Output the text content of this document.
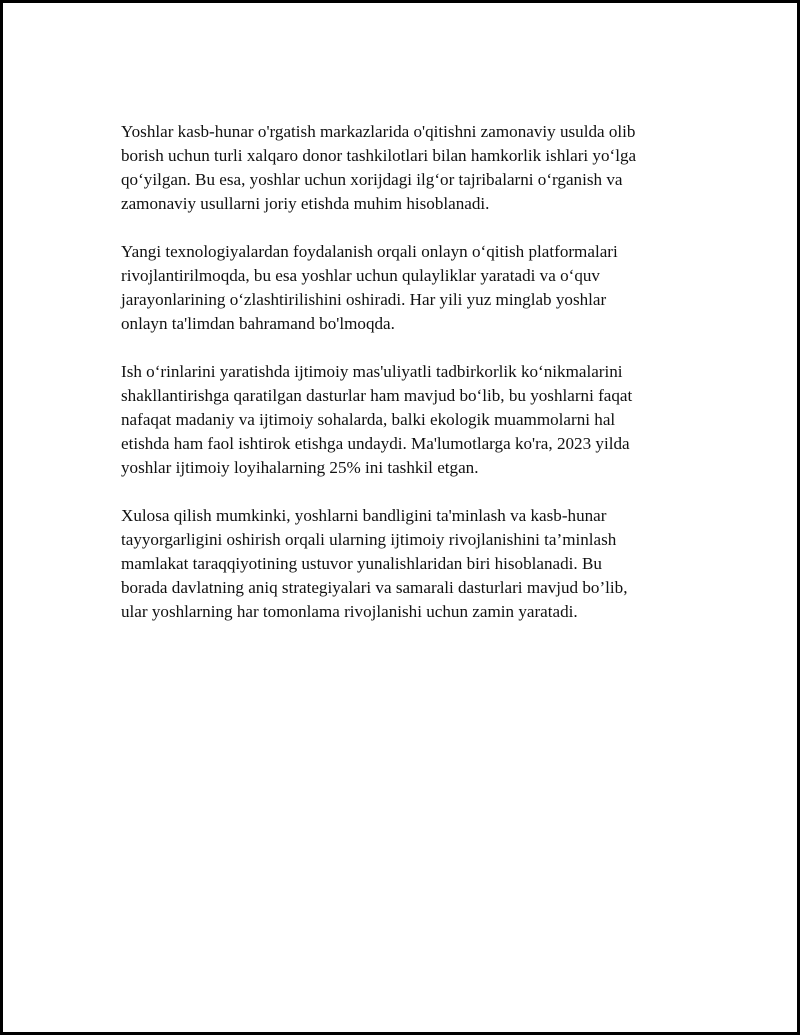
Yoshlar kasb-hunar o'rgatish markazlarida o'qitishni zamonaviy usulda olib
borish uchun turli xalqaro donor tashkilotlari bilan hamkorlik ishlari yo‘lga
qo‘yilgan. Bu esa, yoshlar uchun xorijdagi ilg‘or tajribalarni o‘rganish va
zamonaviy usullarni joriy etishda muhim hisoblanadi.

Yangi texnologiyalardan foydalanish orqali onlayn o‘qitish platformalari
rivojlantirilmoqda, bu esa yoshlar uchun qulayliklar yaratadi va o‘quv
jarayonlarining o‘zlashtirilishini oshiradi. Har yili yuz minglab yoshlar
onlayn ta'limdan bahramand bo'lmoqda.

Ish o‘rinlarini yaratishda ijtimoiy mas'uliyatli tadbirkorlik ko‘nikmalarini
shakllantirishga qaratilgan dasturlar ham mavjud bo‘lib, bu yoshlarni faqat
nafaqat madaniy va ijtimoiy sohalarda, balki ekologik muammolarni hal
etishda ham faol ishtirok etishga undaydi. Ma'lumotlarga ko'ra, 2023 yilda
yoshlar ijtimoiy loyihalarning 25% ini tashkil etgan.

Xulosa qilish mumkinki, yoshlarni bandligini ta'minlash va kasb-hunar
tayyorgarligini oshirish orqali ularning ijtimoiy rivojlanishini ta’minlash
mamlakat taraqqiyotining ustuvor yunalishlaridan biri hisoblanadi. Bu
borada davlatning aniq strategiyalari va samarali dasturlari mavjud bo’lib,
ular yoshlarning har tomonlama rivojlanishi uchun zamin yaratadi.
